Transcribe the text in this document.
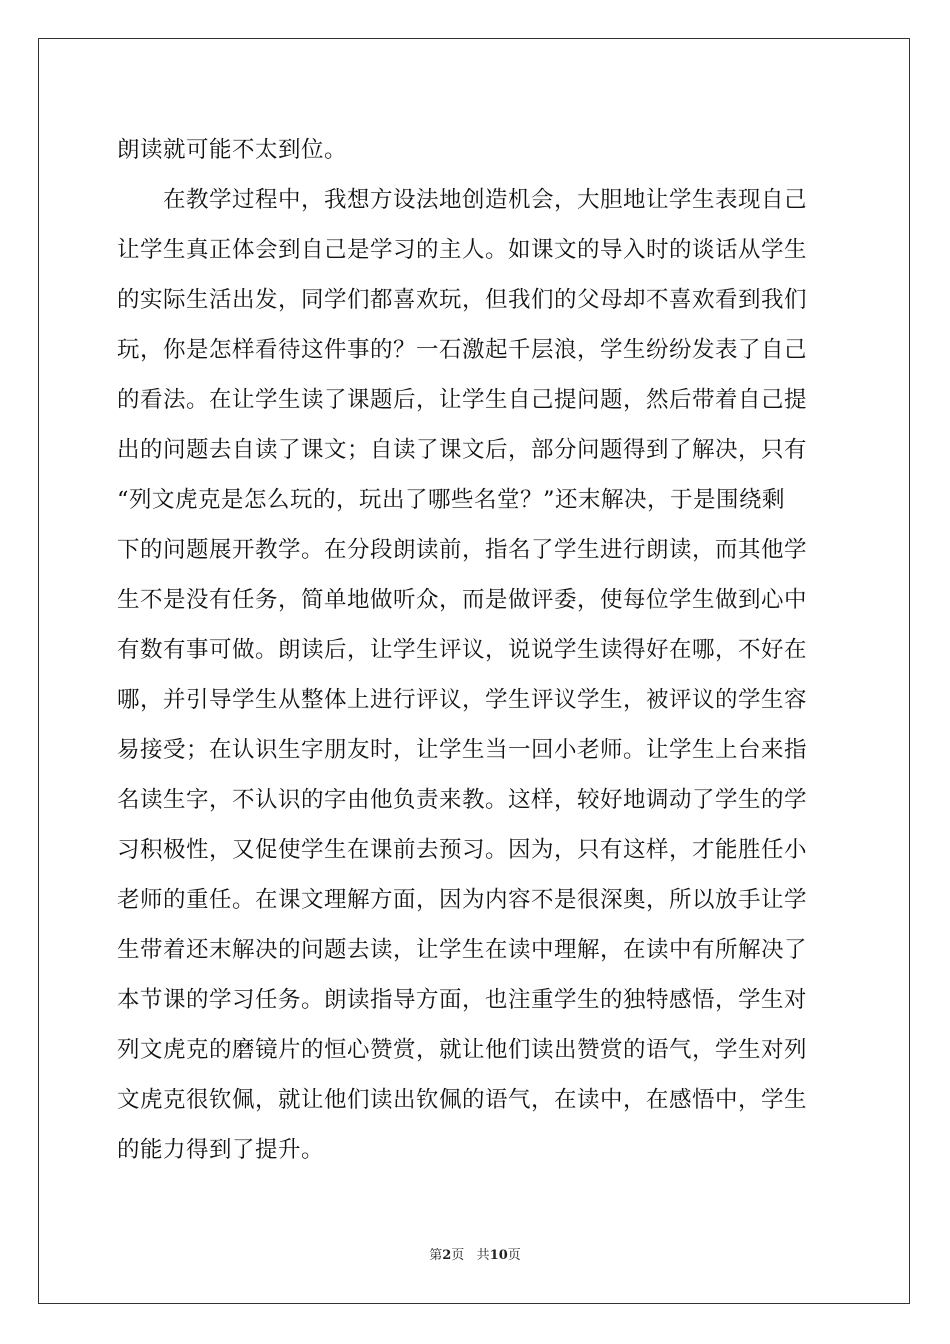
朗读就可能不太到位。
　　在教学过程中，我想方设法地创造机会，大胆地让学生表现自己
让学生真正体会到自己是学习的主人。如课文的导入时的谈话从学生
的实际生活出发，同学们都喜欢玩，但我们的父母却不喜欢看到我们
玩，你是怎样看待这件事的？一石激起千层浪，学生纷纷发表了自己
的看法。在让学生读了课题后，让学生自己提问题，然后带着自己提
出的问题去自读了课文；自读了课文后，部分问题得到了解决，只有
“列文虎克是怎么玩的，玩出了哪些名堂？”还末解决，于是围绕剩
下的问题展开教学。在分段朗读前，指名了学生进行朗读，而其他学
生不是没有任务，简单地做听众，而是做评委，使每位学生做到心中
有数有事可做。朗读后，让学生评议，说说学生读得好在哪，不好在
哪，并引导学生从整体上进行评议，学生评议学生，被评议的学生容
易接受；在认识生字朋友时，让学生当一回小老师。让学生上台来指
名读生字，不认识的字由他负责来教。这样，较好地调动了学生的学
习积极性，又促使学生在课前去预习。因为，只有这样，才能胜任小
老师的重任。在课文理解方面，因为内容不是很深奥，所以放手让学
生带着还末解决的问题去读，让学生在读中理解，在读中有所解决了
本节课的学习任务。朗读指导方面，也注重学生的独特感悟，学生对
列文虎克的磨镜片的恒心赞赏，就让他们读出赞赏的语气，学生对列
文虎克很钦佩，就让他们读出钦佩的语气，在读中，在感悟中，学生
的能力得到了提升。
第2页 共10页
